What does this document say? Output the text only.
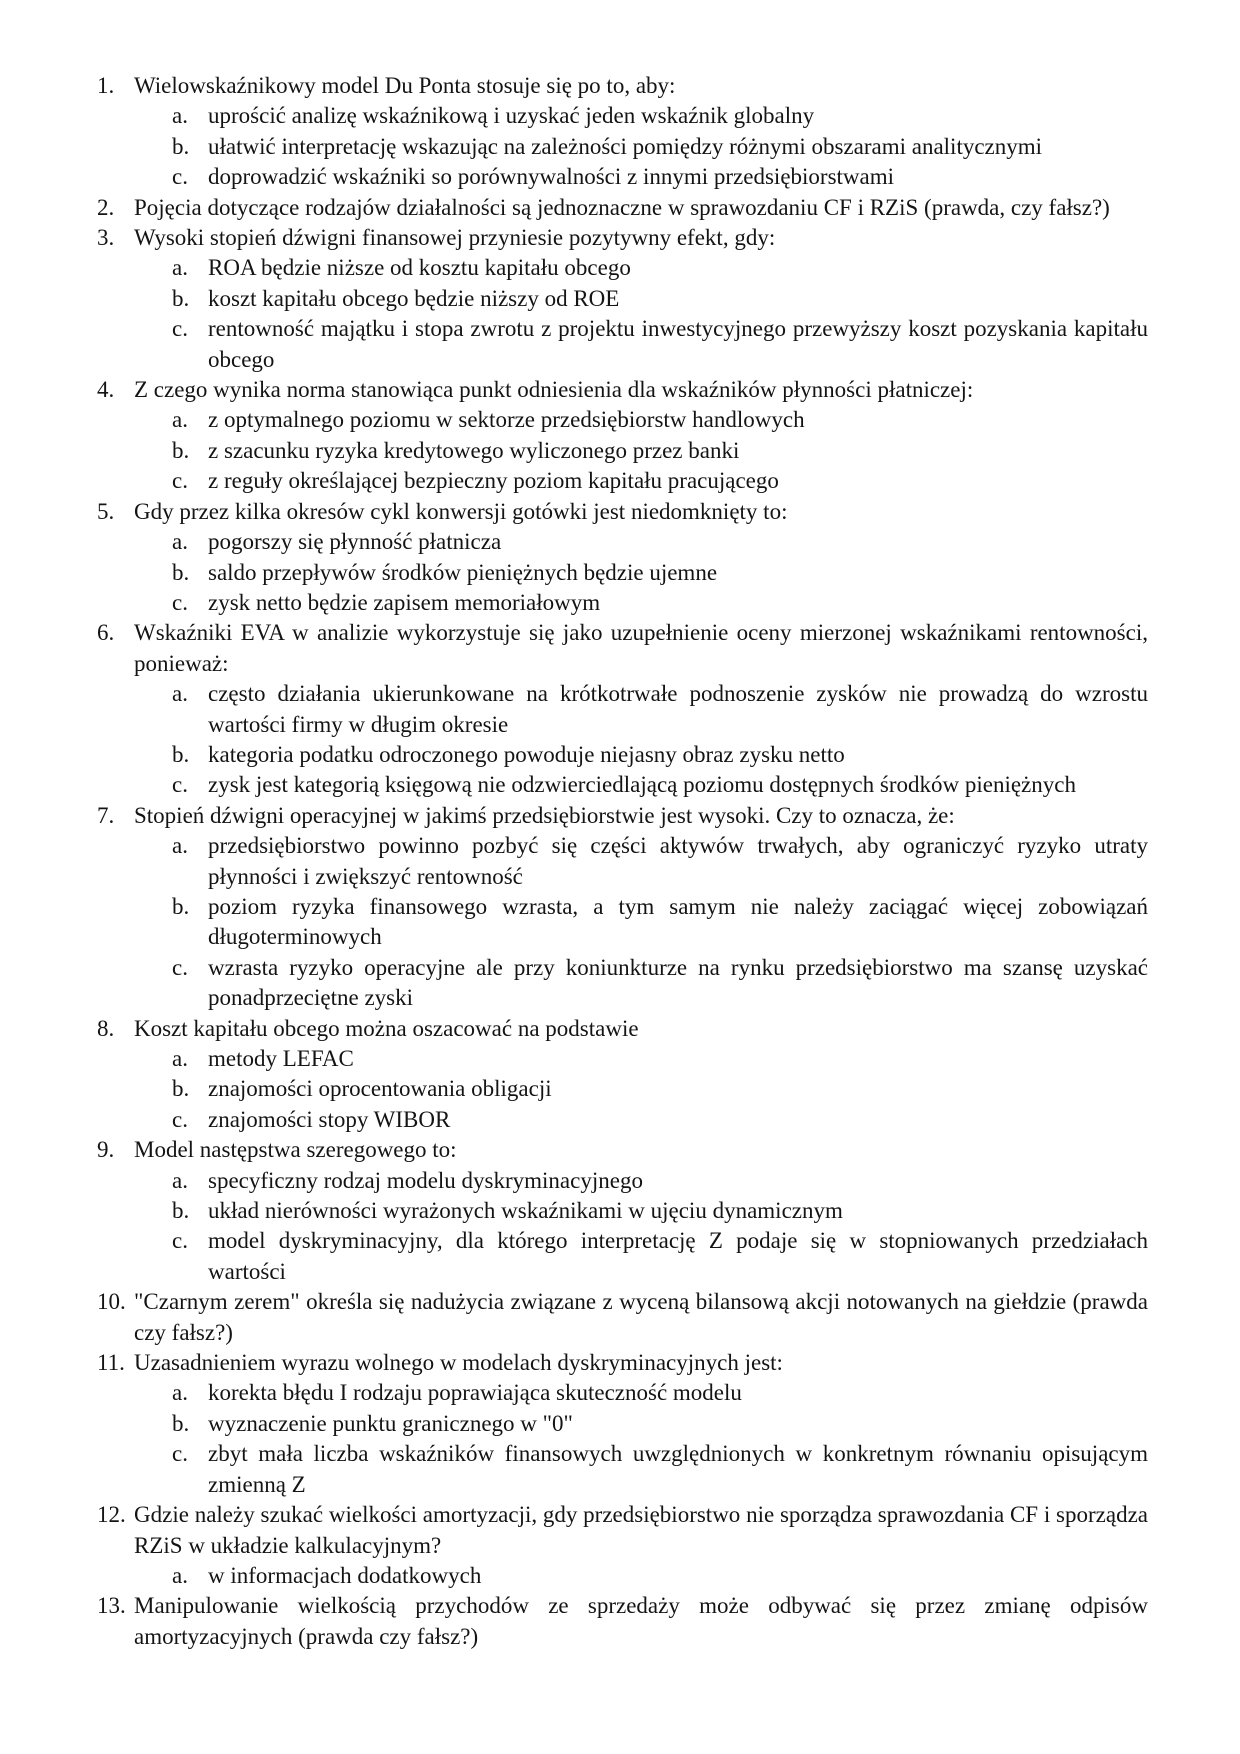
1. Wielowskaźnikowy model Du Ponta stosuje się po to, aby:
a. uprościć analizę wskaźnikową i uzyskać jeden wskaźnik globalny
b. ułatwić interpretację wskazując na zależności pomiędzy różnymi obszarami analitycznymi
c. doprowadzić wskaźniki so porównywalności z innymi przedsiębiorstwami
2. Pojęcia dotyczące rodzajów działalności są jednoznaczne w sprawozdaniu CF i RZiS (prawda, czy fałsz?)
3. Wysoki stopień dźwigni finansowej przyniesie pozytywny efekt, gdy:
a. ROA będzie niższe od kosztu kapitału obcego
b. koszt kapitału obcego będzie niższy od ROE
c. rentowność majątku i stopa zwrotu z projektu inwestycyjnego przewyższy koszt pozyskania kapitału obcego
4. Z czego wynika norma stanowiąca punkt odniesienia dla wskaźników płynności płatniczej:
a. z optymalnego poziomu w sektorze przedsiębiorstw handlowych
b. z szacunku ryzyka kredytowego wyliczonego przez banki
c. z reguły określającej bezpieczny poziom kapitału pracującego
5. Gdy przez kilka okresów cykl konwersji gotówki jest niedomknięty to:
a. pogorszy się płynność płatnicza
b. saldo przepływów środków pieniężnych będzie ujemne
c. zysk netto będzie zapisem memoriałowym
6. Wskaźniki EVA w analizie wykorzystuje się jako uzupełnienie oceny mierzonej wskaźnikami rentowności, ponieważ:
a. często działania ukierunkowane na krótkotrwałe podnoszenie zysków nie prowadzą do wzrostu wartości firmy w długim okresie
b. kategoria podatku odroczonego powoduje niejasny obraz zysku netto
c. zysk jest kategorią księgową nie odzwierciedlającą poziomu dostępnych środków pieniężnych
7. Stopień dźwigni operacyjnej w jakimś przedsiębiorstwie jest wysoki. Czy to oznacza, że:
a. przedsiębiorstwo powinno pozbyć się części aktywów trwałych, aby ograniczyć ryzyko utraty płynności i zwiększyć rentowność
b. poziom ryzyka finansowego wzrasta, a tym samym nie należy zaciągać więcej zobowiązań długoterminowych
c. wzrasta ryzyko operacyjne ale przy koniunkturze na rynku przedsiębiorstwo ma szansę uzyskać ponadprzeciętne zyski
8. Koszt kapitału obcego można oszacować na podstawie
a. metody LEFAC
b. znajomości oprocentowania obligacji
c. znajomości stopy WIBOR
9. Model następstwa szeregowego to:
a. specyficzny rodzaj modelu dyskryminacyjnego
b. układ nierówności wyrażonych wskaźnikami w ujęciu dynamicznym
c. model dyskryminacyjny, dla którego interpretację Z podaje się w stopniowanych przedziałach wartości
10. "Czarnym zerem" określa się nadużycia związane z wyceną bilansową akcji notowanych na giełdzie (prawda czy fałsz?)
11. Uzasadnieniem wyrazu wolnego w modelach dyskryminacyjnych jest:
a. korekta błędu I rodzaju poprawiająca skuteczność modelu
b. wyznaczenie punktu granicznego w "0"
c. zbyt mała liczba wskaźników finansowych uwzględnionych w konkretnym równaniu opisującym zmienną Z
12. Gdzie należy szukać wielkości amortyzacji, gdy przedsiębiorstwo nie sporządza sprawozdania CF i sporządza RZiS w układzie kalkulacyjnym?
a. w informacjach dodatkowych
13. Manipulowanie wielkością przychodów ze sprzedaży może odbywać się przez zmianę odpisów amortyzacyjnych (prawda czy fałsz?)
